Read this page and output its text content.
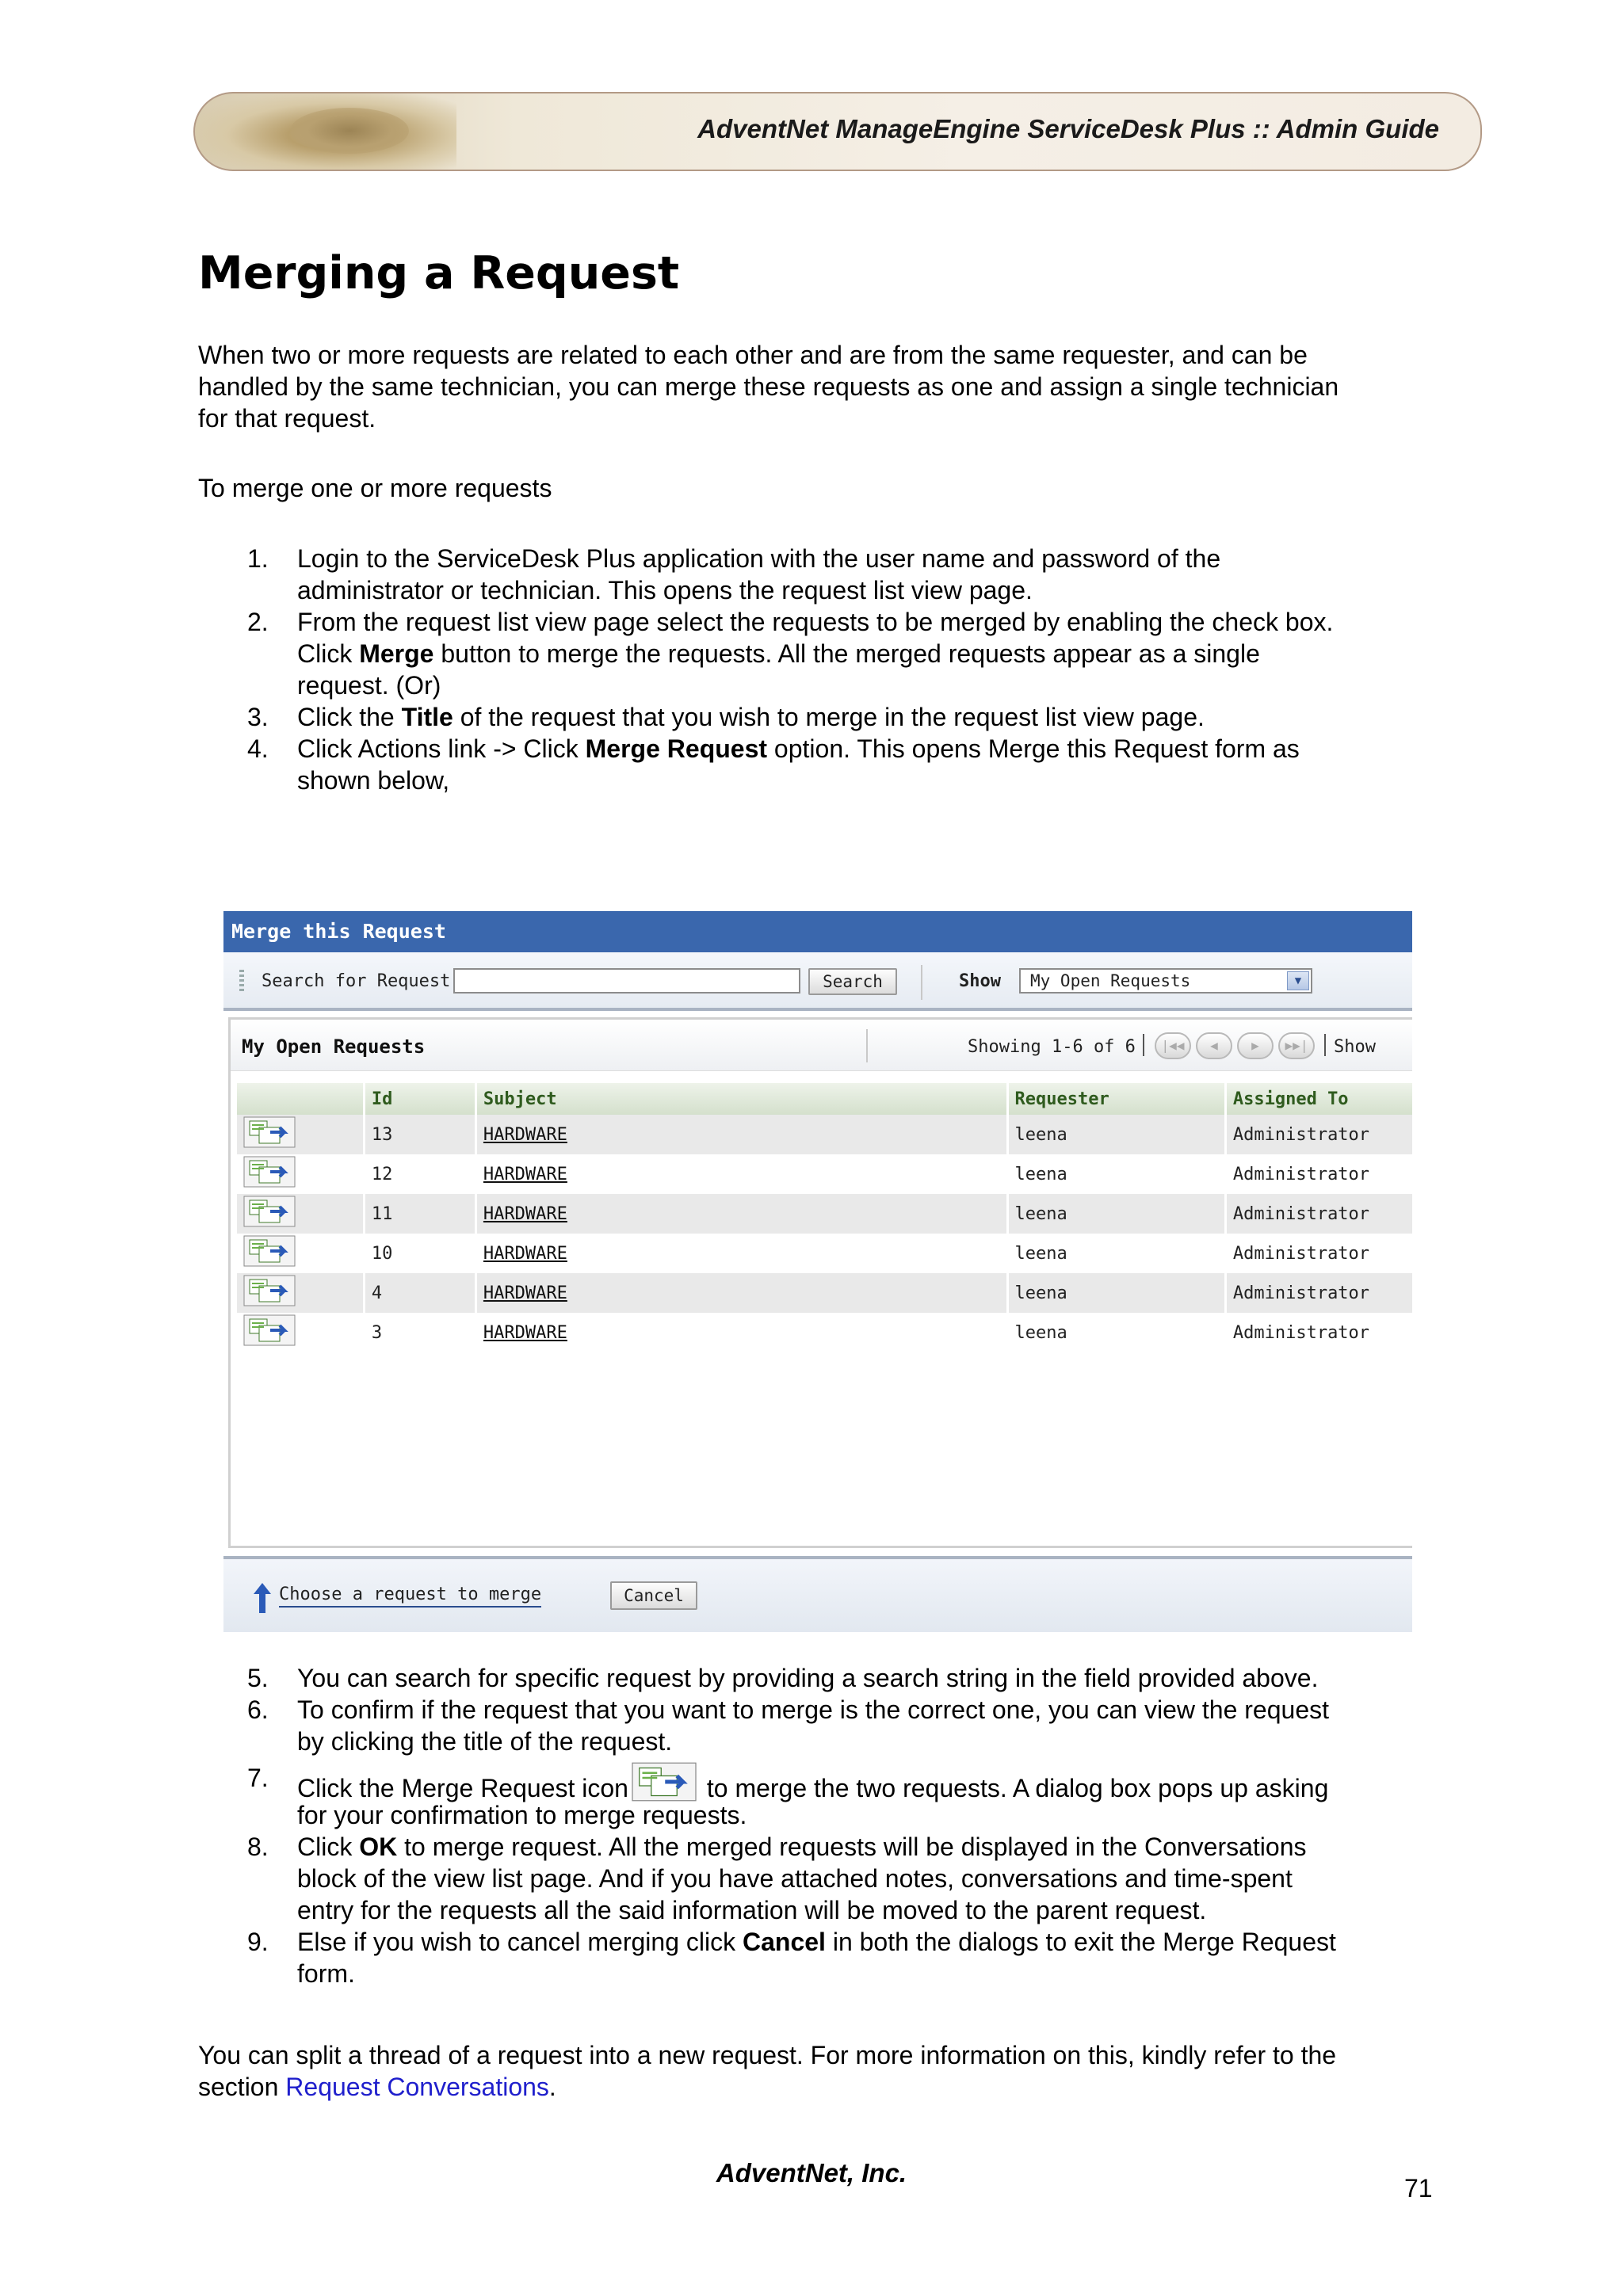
AdventNet ManageEngine ServiceDesk Plus :: Admin Guide
Merging a Request
When two or more requests are related to each other and are from the same requester, and can be
handled by the same technician, you can merge these requests as one and assign a single technician
for that request.
To merge one or more requests
1. Login to the ServiceDesk Plus application with the user name and password of the
administrator or technician. This opens the request list view page.
2. From the request list view page select the requests to be merged by enabling the check box.
Click Merge button to merge the requests. All the merged requests appear as a single
request. (Or)
3. Click the Title of the request that you wish to merge in the request list view page.
4. Click Actions link -> Click Merge Request option. This opens Merge this Request form as
shown below,
Merge this Request
Search for Request	Search	Show	My Open Requests	▼
My Open Requests	Showing 1-6 of 6	|◀◀	◀	▶	▶▶|	Show
	Id	Subject	Requester	Assigned To
	13	HARDWARE	leena	Administrator
	12	HARDWARE	leena	Administrator
	11	HARDWARE	leena	Administrator
	10	HARDWARE	leena	Administrator
	4	HARDWARE	leena	Administrator
	3	HARDWARE	leena	Administrator
Choose a request to merge	Cancel
5. You can search for specific request by providing a search string in the field provided above.
6. To confirm if the request that you want to merge is the correct one, you can view the request
by clicking the title of the request.
7. Click the Merge Request icon	to merge the two requests. A dialog box pops up asking
for your confirmation to merge requests.
8. Click OK to merge request. All the merged requests will be displayed in the Conversations
block of the view list page. And if you have attached notes, conversations and time-spent
entry for the requests all the said information will be moved to the parent request.
9. Else if you wish to cancel merging click Cancel in both the dialogs to exit the Merge Request
form.
You can split a thread of a request into a new request. For more information on this, kindly refer to the
section Request Conversations.
AdventNet, Inc.
71
